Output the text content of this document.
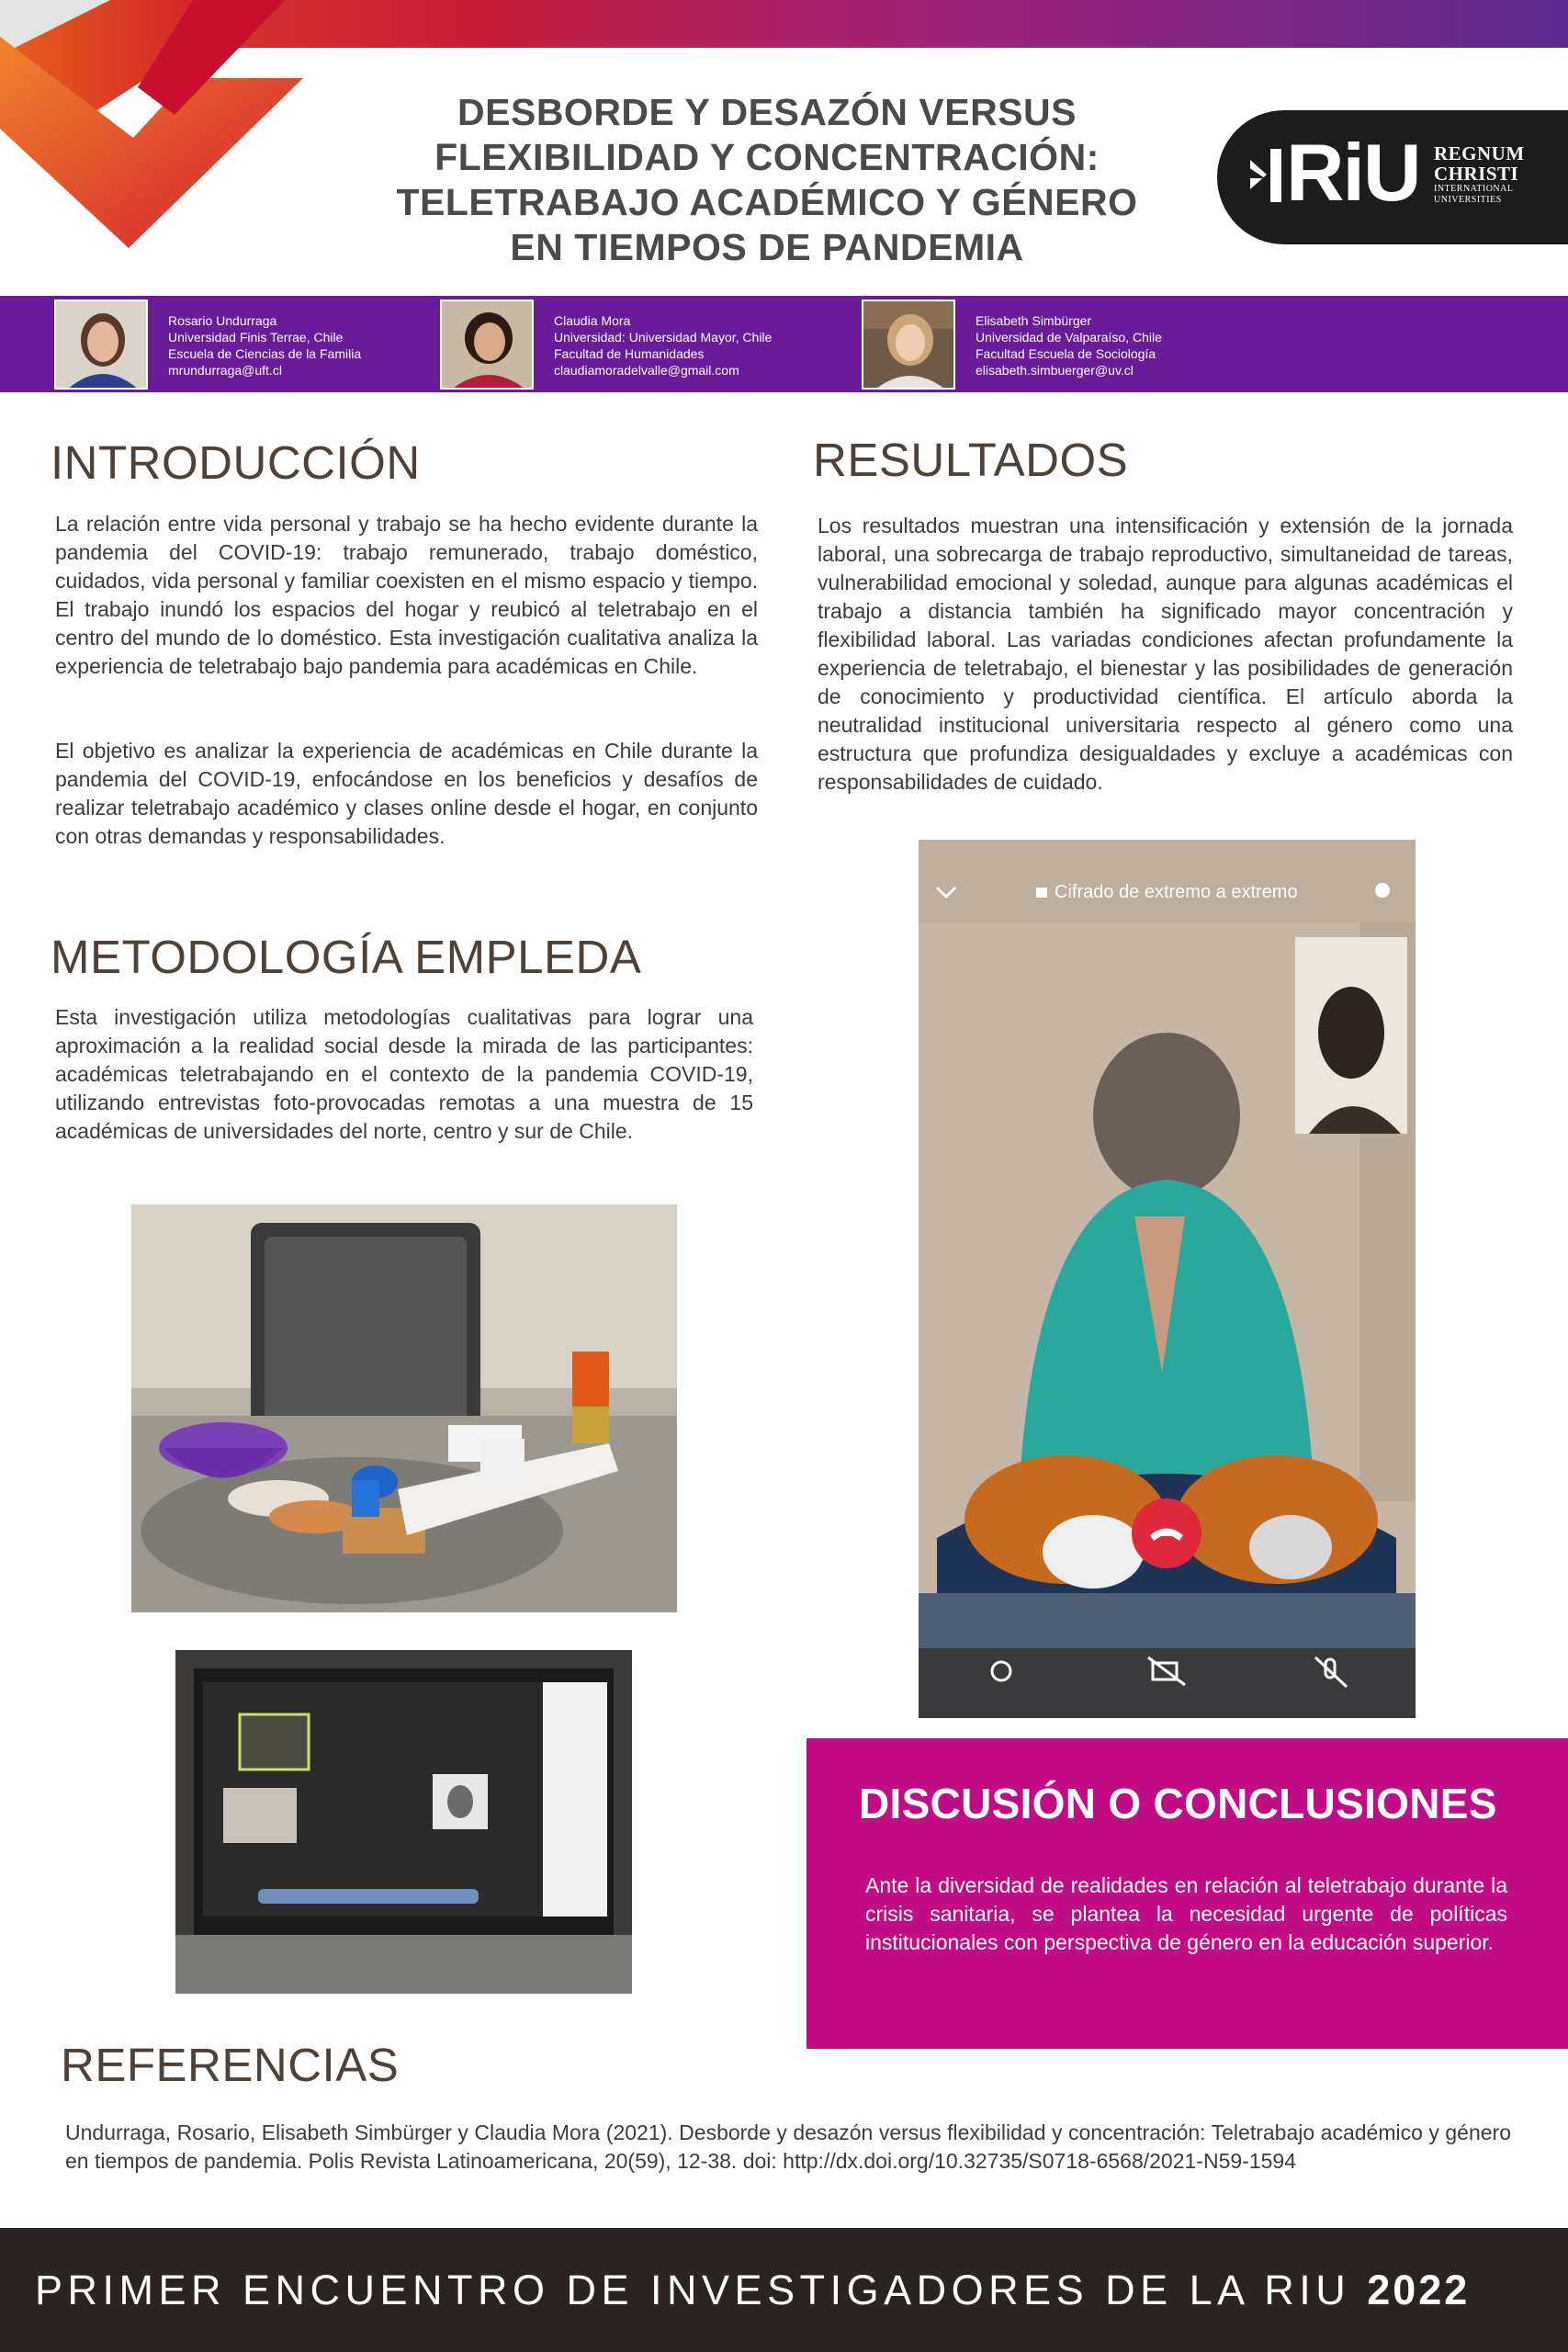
DESBORDE Y DESAZÓN VERSUS
FLEXIBILIDAD Y CONCENTRACIÓN:
TELETRABAJO ACADÉMICO Y GÉNERO
EN TIEMPOS DE PANDEMIA
RiU REGNUM
CHRISTI
INTERNATIONAL
UNIVERSITIES
Rosario Undurraga
Universidad Finis Terrae, Chile
Escuela de Ciencias de la Familia
mrundurraga@uft.cl
Claudia Mora
Universidad: Universidad Mayor, Chile
Facultad de Humanidades
claudiamoradelvalle@gmail.com
Elisabeth Simbürger
Universidad de Valparaíso, Chile
Facultad Escuela de Sociología
elisabeth.simbuerger@uv.cl
INTRODUCCIÓN
La relación entre vida personal y trabajo se ha hecho evidente durante la pandemia del COVID-19: trabajo remunerado, trabajo doméstico, cuidados, vida personal y familiar coexisten en el mismo espacio y tiempo. El trabajo inundó los espacios del hogar y reubicó al teletrabajo en el centro del mundo de lo doméstico. Esta investigación cualitativa analiza la experiencia de teletrabajo bajo pandemia para académicas en Chile.
El objetivo es analizar la experiencia de académicas en Chile durante la pandemia del COVID-19, enfocándose en los beneficios y desafíos de realizar teletrabajo académico y clases online desde el hogar, en conjunto con otras demandas y responsabilidades.
METODOLOGÍA EMPLEDA
Esta investigación utiliza metodologías cualitativas para lograr una aproximación a la realidad social desde la mirada de las participantes: académicas teletrabajando en el contexto de la pandemia COVID-19, utilizando entrevistas foto-provocadas remotas a una muestra de 15 académicas de universidades del norte, centro y sur de Chile.
RESULTADOS
Los resultados muestran una intensificación y extensión de la jornada laboral, una sobrecarga de trabajo reproductivo, simultaneidad de tareas, vulnerabilidad emocional y soledad, aunque para algunas académicas el trabajo a distancia también ha significado mayor concentración y flexibilidad laboral. Las variadas condiciones afectan profundamente la experiencia de teletrabajo, el bienestar y las posibilidades de generación de conocimiento y productividad científica. El artículo aborda la neutralidad institucional universitaria respecto al género como una estructura que profundiza desigualdades y excluye a académicas con responsabilidades de cuidado.
Cifrado de extremo a extremo
DISCUSIÓN O CONCLUSIONES
Ante la diversidad de realidades en relación al teletrabajo durante la crisis sanitaria, se plantea la necesidad urgente de políticas institucionales con perspectiva de género en la educación superior.
REFERENCIAS
Undurraga, Rosario, Elisabeth Simbürger y Claudia Mora (2021). Desborde y desazón versus flexibilidad y concentración: Teletrabajo académico y género en tiempos de pandemia. Polis Revista Latinoamericana, 20(59), 12-38. doi: http://dx.doi.org/10.32735/S0718-6568/2021-N59-1594
PRIMER ENCUENTRO DE INVESTIGADORES DE LA RIU 2022
